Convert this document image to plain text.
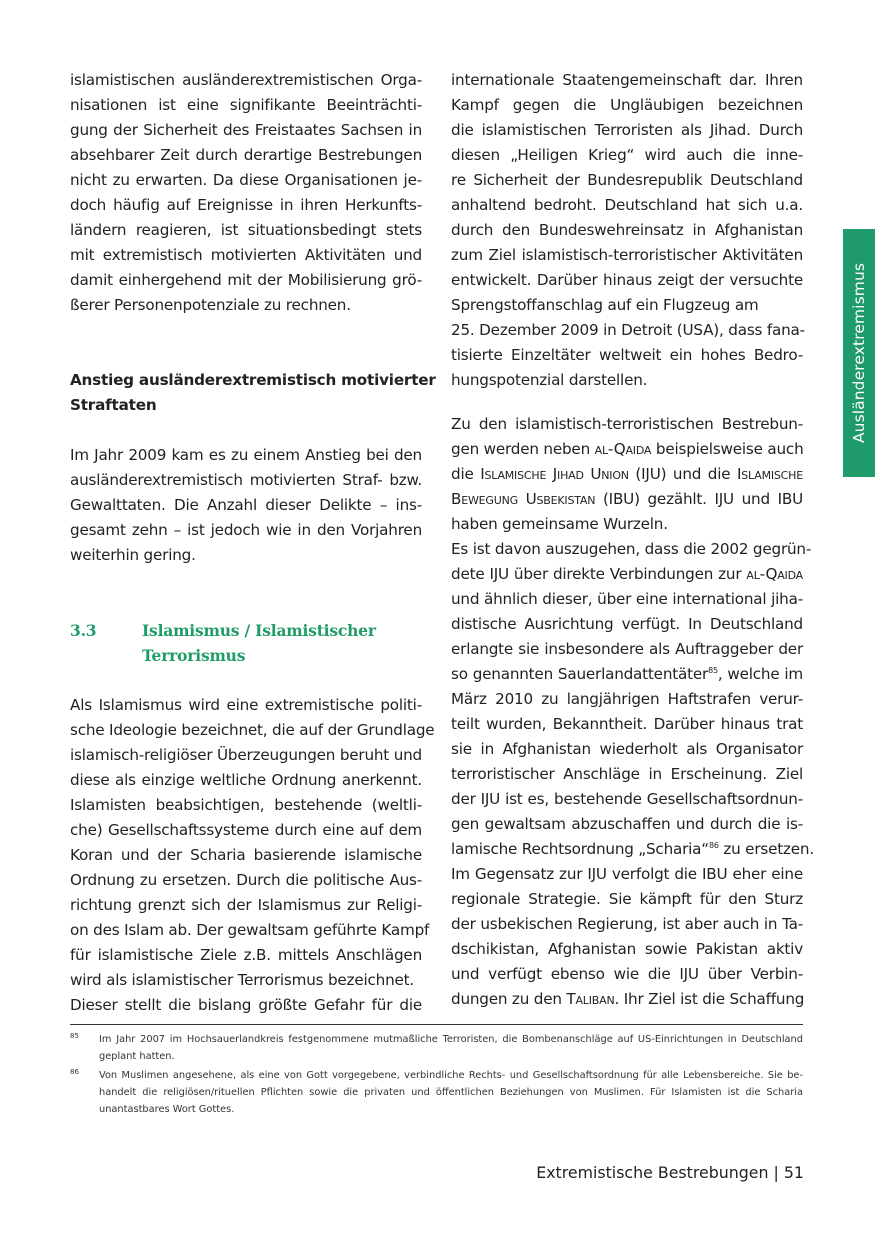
islamistischen ausländerextremistischen Orga-
nisationen ist eine signifikante Beeinträchti-
gung der Sicherheit des Freistaates Sachsen in
absehbarer Zeit durch derartige Bestrebungen
nicht zu erwarten. Da diese Organisationen je-
doch häufig auf Ereignisse in ihren Herkunfts-
ländern reagieren, ist situationsbedingt stets
mit extremistisch motivierten Aktivitäten und
damit einhergehend mit der Mobilisierung grö-
ßerer Personenpotenziale zu rechnen.
Anstieg ausländerextremistisch motivierter
Straftaten
Im Jahr 2009 kam es zu einem Anstieg bei den
ausländerextremistisch motivierten Straf- bzw.
Gewalttaten. Die Anzahl dieser Delikte – ins-
gesamt zehn – ist jedoch wie in den Vorjahren
weiterhin gering.
3.3	Islamismus / Islamistischer
Terrorismus
Als Islamismus wird eine extremistische politi-
sche Ideologie bezeichnet, die auf der Grundlage
islamisch-religiöser Überzeugungen beruht und
diese als einzige weltliche Ordnung anerkennt.
Islamisten beabsichtigen, bestehende (weltli-
che) Gesellschaftssysteme durch eine auf dem
Koran und der Scharia basierende islamische
Ordnung zu ersetzen. Durch die politische Aus-
richtung grenzt sich der Islamismus zur Religi-
on des Islam ab. Der gewaltsam geführte Kampf
für islamistische Ziele z.B. mittels Anschlägen
wird als islamistischer Terrorismus bezeichnet.
Dieser stellt die bislang größte Gefahr für die
internationale Staatengemeinschaft dar. Ihren
Kampf gegen die Ungläubigen bezeichnen
die islamistischen Terroristen als Jihad. Durch
diesen „Heiligen Krieg“ wird auch die inne-
re Sicherheit der Bundesrepublik Deutschland
anhaltend bedroht. Deutschland hat sich u.a.
durch den Bundeswehreinsatz in Afghanistan
zum Ziel islamistisch-terroristischer Aktivitäten
entwickelt. Darüber hinaus zeigt der versuchte
Sprengstoffanschlag auf ein Flugzeug am
25. Dezember 2009 in Detroit (USA), dass fana-
tisierte Einzeltäter weltweit ein hohes Bedro-
hungspotenzial darstellen.
Zu den islamistisch-terroristischen Bestrebun-
gen werden neben al-Qaida beispielsweise auch
die Islamische Jihad Union (IJU) und die Islamische
Bewegung Usbekistan (IBU) gezählt. IJU und IBU
haben gemeinsame Wurzeln.
Es ist davon auszugehen, dass die 2002 gegrün-
dete IJU über direkte Verbindungen zur al-Qaida
und ähnlich dieser, über eine international jiha-
distische Ausrichtung verfügt. In Deutschland
erlangte sie insbesondere als Auftraggeber der
so genannten Sauerlandattentäter$^{85}$, welche im
März 2010 zu langjährigen Haftstrafen verur-
teilt wurden, Bekanntheit. Darüber hinaus trat
sie in Afghanistan wiederholt als Organisator
terroristischer Anschläge in Erscheinung. Ziel
der IJU ist es, bestehende Gesellschaftsordnun-
gen gewaltsam abzuschaffen und durch die is-
lamische Rechtsordnung „Scharia“$^{86}$ zu ersetzen.
Im Gegensatz zur IJU verfolgt die IBU eher eine
regionale Strategie. Sie kämpft für den Sturz
der usbekischen Regierung, ist aber auch in Ta-
dschikistan, Afghanistan sowie Pakistan aktiv
und verfügt ebenso wie die IJU über Verbin-
dungen zu den Taliban. Ihr Ziel ist die Schaffung
Ausländerextremismus
85 Im Jahr 2007 im Hochsauerlandkreis festgenommene mutmaßliche Terroristen, die Bombenanschläge auf US-Einrichtungen in Deutschland
geplant hatten.
86 Von Muslimen angesehene, als eine von Gott vorgegebene, verbindliche Rechts- und Gesellschaftsordnung für alle Lebensbereiche. Sie be-
handelt die religiösen/rituellen Pflichten sowie die privaten und öffentlichen Beziehungen von Muslimen. Für Islamisten ist die Scharia
unantastbares Wort Gottes.
Extremistische Bestrebungen | 51
